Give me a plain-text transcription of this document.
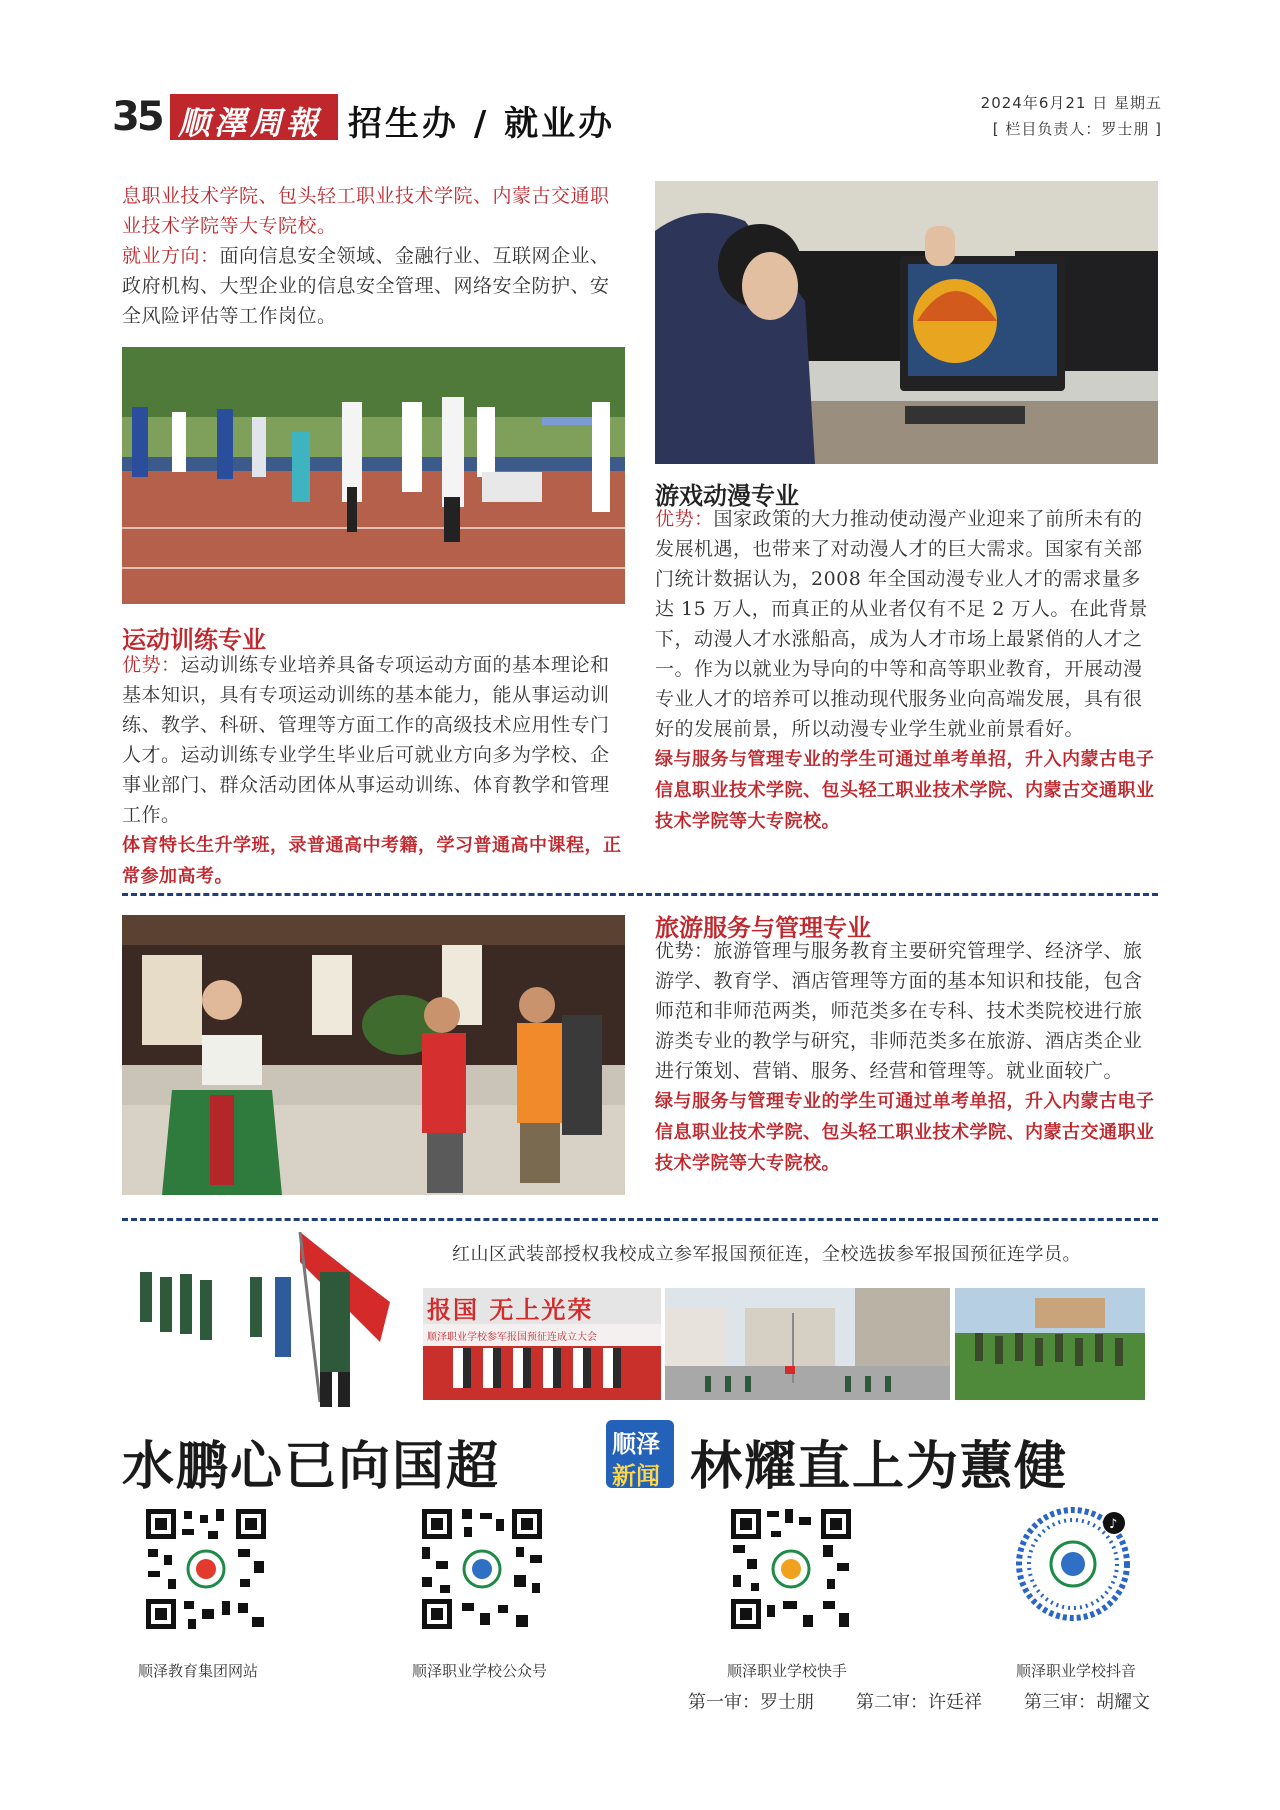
35 顺澤周報 招生办 / 就业办
2024年6月21 日 星期五
[ 栏目负责人：罗士朋 ]
息职业技术学院、包头轻工职业技术学院、内蒙古交通职业技术学院等大专院校。
就业方向：面向信息安全领域、金融行业、互联网企业、政府机构、大型企业的信息安全管理、网络安全防护、安全风险评估等工作岗位。
运动训练专业
优势：运动训练专业培养具备专项运动方面的基本理论和基本知识，具有专项运动训练的基本能力，能从事运动训练、教学、科研、管理等方面工作的高级技术应用性专门人才。运动训练专业学生毕业后可就业方向多为学校、企事业部门、群众活动团体从事运动训练、体育教学和管理工作。
体育特长生升学班，录普通高中考籍，学习普通高中课程，正常参加高考。
游戏动漫专业
优势：国家政策的大力推动使动漫产业迎来了前所未有的发展机遇，也带来了对动漫人才的巨大需求。国家有关部门统计数据认为，2008 年全国动漫专业人才的需求量多达 15 万人，而真正的从业者仅有不足 2 万人。在此背景下，动漫人才水涨船高，成为人才市场上最紧俏的人才之一。作为以就业为导向的中等和高等职业教育，开展动漫专业人才的培养可以推动现代服务业向高端发展，具有很好的发展前景，所以动漫专业学生就业前景看好。
绿与服务与管理专业的学生可通过单考单招，升入内蒙古电子信息职业技术学院、包头轻工职业技术学院、内蒙古交通职业技术学院等大专院校。
旅游服务与管理专业
优势：旅游管理与服务教育主要研究管理学、经济学、旅游学、教育学、酒店管理等方面的基本知识和技能，包含师范和非师范两类，师范类多在专科、技术类院校进行旅游类专业的教学与研究，非师范类多在旅游、酒店类企业进行策划、营销、服务、经营和管理等。就业面较广。
绿与服务与管理专业的学生可通过单考单招，升入内蒙古电子信息职业技术学院、包头轻工职业技术学院、内蒙古交通职业技术学院等大专院校。
红山区武装部授权我校成立参军报国预征连，全校选拔参军报国预征连学员。
报国 无上光荣
顺泽职业学校参军报国预征连成立大会
水鹏心已向国超	顺泽
新闻 林耀直上为蕙健
顺泽教育集团网站	顺泽职业学校公众号	顺泽职业学校快手
♪
顺泽职业学校抖音
第一审：罗士朋 第二审：许廷祥 第三审：胡耀文
